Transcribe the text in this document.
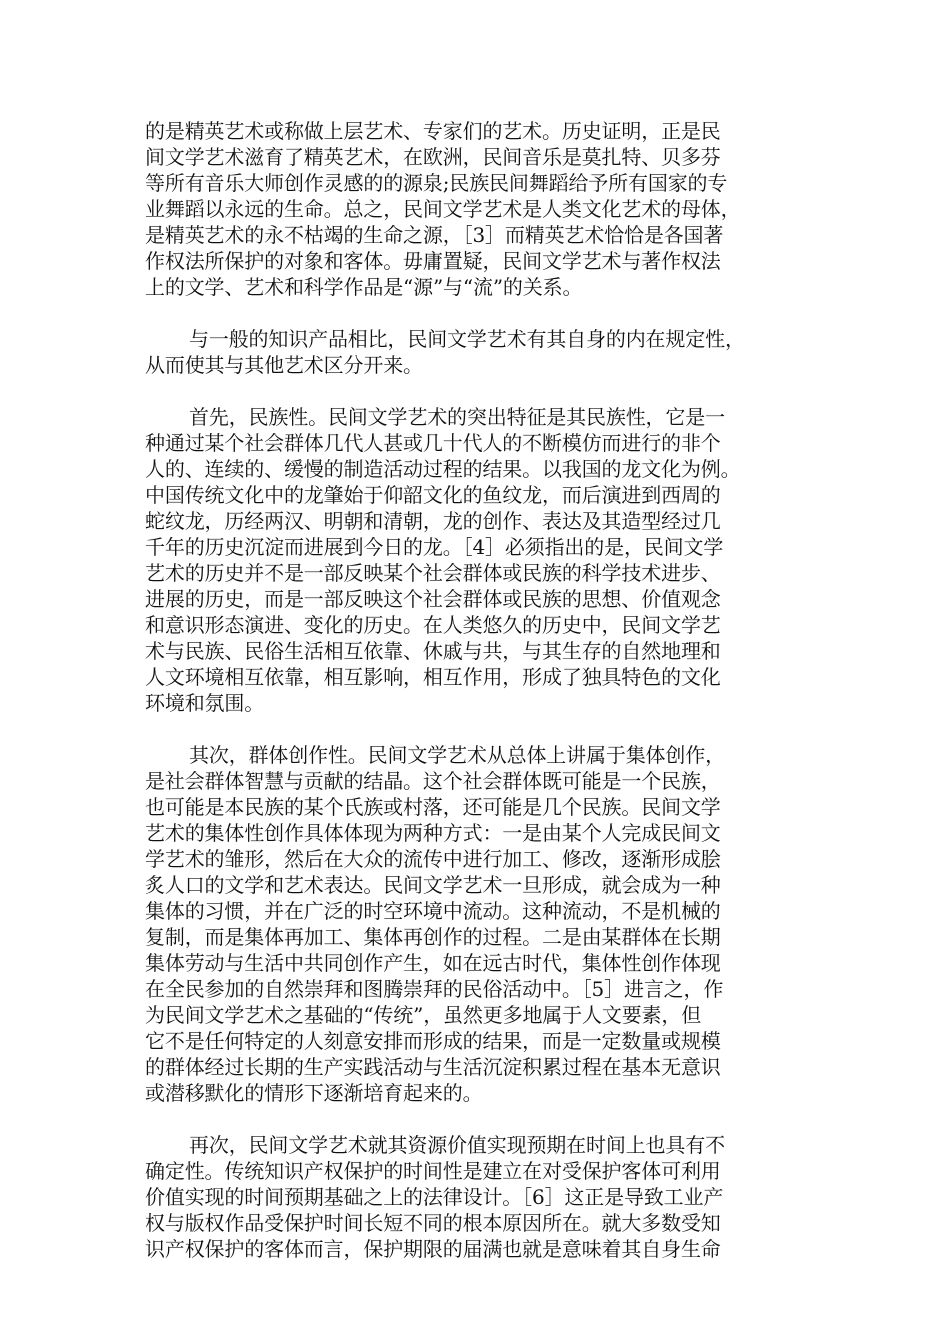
的是精英艺术或称做上层艺术、专家们的艺术。历史证明，正是民
间文学艺术滋育了精英艺术，在欧洲，民间音乐是莫扎特、贝多芬
等所有音乐大师创作灵感的的源泉;民族民间舞蹈给予所有国家的专
业舞蹈以永远的生命。总之，民间文学艺术是人类文化艺术的母体，
是精英艺术的永不枯竭的生命之源，［3］而精英艺术恰恰是各国著
作权法所保护的对象和客体。毋庸置疑，民间文学艺术与著作权法
上的文学、艺术和科学作品是“源”与“流”的关系。
与一般的知识产品相比，民间文学艺术有其自身的内在规定性，
从而使其与其他艺术区分开来。
首先，民族性。民间文学艺术的突出特征是其民族性，它是一
种通过某个社会群体几代人甚或几十代人的不断模仿而进行的非个
人的、连续的、缓慢的制造活动过程的结果。以我国的龙文化为例。
中国传统文化中的龙肇始于仰韶文化的鱼纹龙，而后演进到西周的
蛇纹龙，历经两汉、明朝和清朝，龙的创作、表达及其造型经过几
千年的历史沉淀而进展到今日的龙。［4］必须指出的是，民间文学
艺术的历史并不是一部反映某个社会群体或民族的科学技术进步、
进展的历史，而是一部反映这个社会群体或民族的思想、价值观念
和意识形态演进、变化的历史。在人类悠久的历史中，民间文学艺
术与民族、民俗生活相互依靠、休戚与共，与其生存的自然地理和
人文环境相互依靠，相互影响，相互作用，形成了独具特色的文化
环境和氛围。
其次，群体创作性。民间文学艺术从总体上讲属于集体创作，
是社会群体智慧与贡献的结晶。这个社会群体既可能是一个民族，
也可能是本民族的某个氏族或村落，还可能是几个民族。民间文学
艺术的集体性创作具体体现为两种方式：一是由某个人完成民间文
学艺术的雏形，然后在大众的流传中进行加工、修改，逐渐形成脍
炙人口的文学和艺术表达。民间文学艺术一旦形成，就会成为一种
集体的习惯，并在广泛的时空环境中流动。这种流动，不是机械的
复制，而是集体再加工、集体再创作的过程。二是由某群体在长期
集体劳动与生活中共同创作产生，如在远古时代，集体性创作体现
在全民参加的自然崇拜和图腾崇拜的民俗活动中。［5］进言之，作
为民间文学艺术之基础的“传统”，虽然更多地属于人文要素，但
它不是任何特定的人刻意安排而形成的结果，而是一定数量或规模
的群体经过长期的生产实践活动与生活沉淀积累过程在基本无意识
或潜移默化的情形下逐渐培育起来的。
再次，民间文学艺术就其资源价值实现预期在时间上也具有不
确定性。传统知识产权保护的时间性是建立在对受保护客体可利用
价值实现的时间预期基础之上的法律设计。［6］这正是导致工业产
权与版权作品受保护时间长短不同的根本原因所在。就大多数受知
识产权保护的客体而言，保护期限的届满也就是意味着其自身生命
